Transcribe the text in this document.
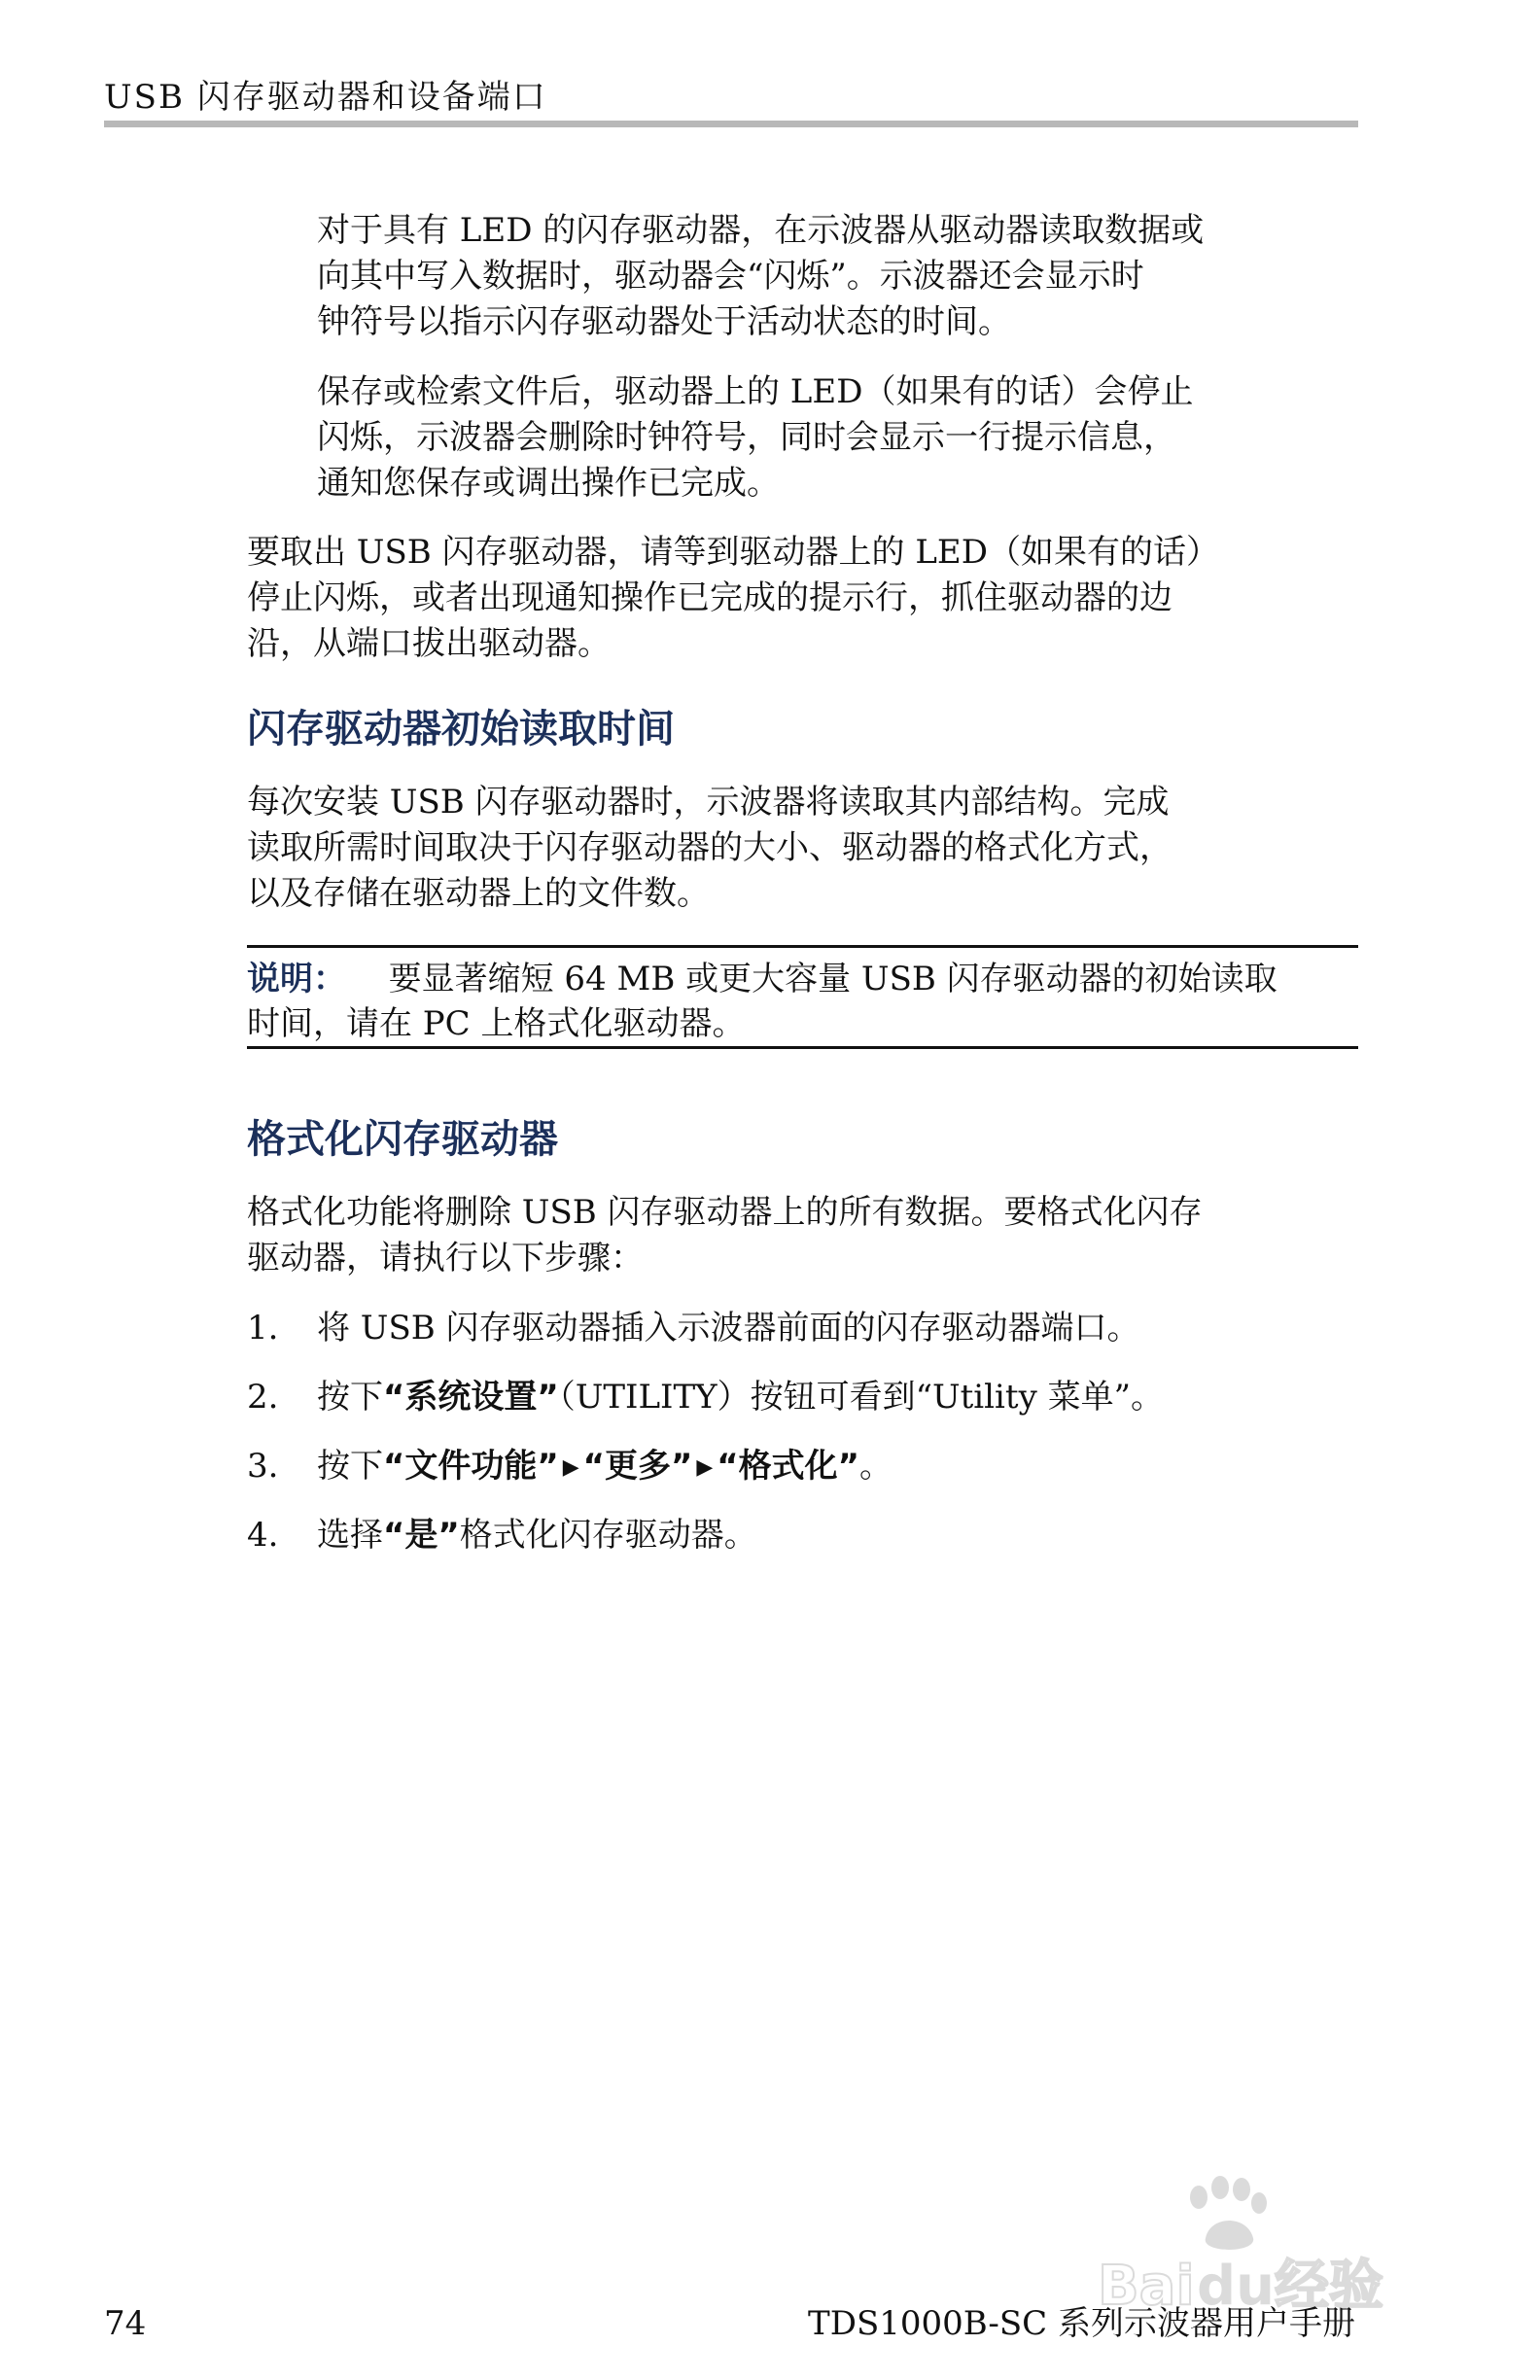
USB 闪存驱动器和设备端口
对于具有 LED 的闪存驱动器，在示波器从驱动器读取数据或
向其中写入数据时，驱动器会“闪烁”。示波器还会显示时
钟符号以指示闪存驱动器处于活动状态的时间。
保存或检索文件后，驱动器上的 LED（如果有的话）会停止
闪烁，示波器会删除时钟符号，同时会显示一行提示信息，
通知您保存或调出操作已完成。
要取出 USB 闪存驱动器，请等到驱动器上的 LED（如果有的话）
停止闪烁，或者出现通知操作已完成的提示行，抓住驱动器的边
沿，从端口拔出驱动器。
闪存驱动器初始读取时间
每次安装 USB 闪存驱动器时，示波器将读取其内部结构。完成
读取所需时间取决于闪存驱动器的大小、驱动器的格式化方式，
以及存储在驱动器上的文件数。
说明： 要显著缩短 64 MB 或更大容量 USB 闪存驱动器的初始读取
时间，请在 PC 上格式化驱动器。
格式化闪存驱动器
格式化功能将删除 USB 闪存驱动器上的所有数据。要格式化闪存
驱动器，请执行以下步骤：
1. 将 USB 闪存驱动器插入示波器前面的闪存驱动器端口。
2. 按下“系统设置”（UTILITY）按钮可看到“Utility 菜单”。
3. 按下“文件功能” ▶ “更多” ▶ “格式化”。
4. 选择“是”格式化闪存驱动器。
Bai du 经验
74	TDS1000B-SC 系列示波器用户手册
